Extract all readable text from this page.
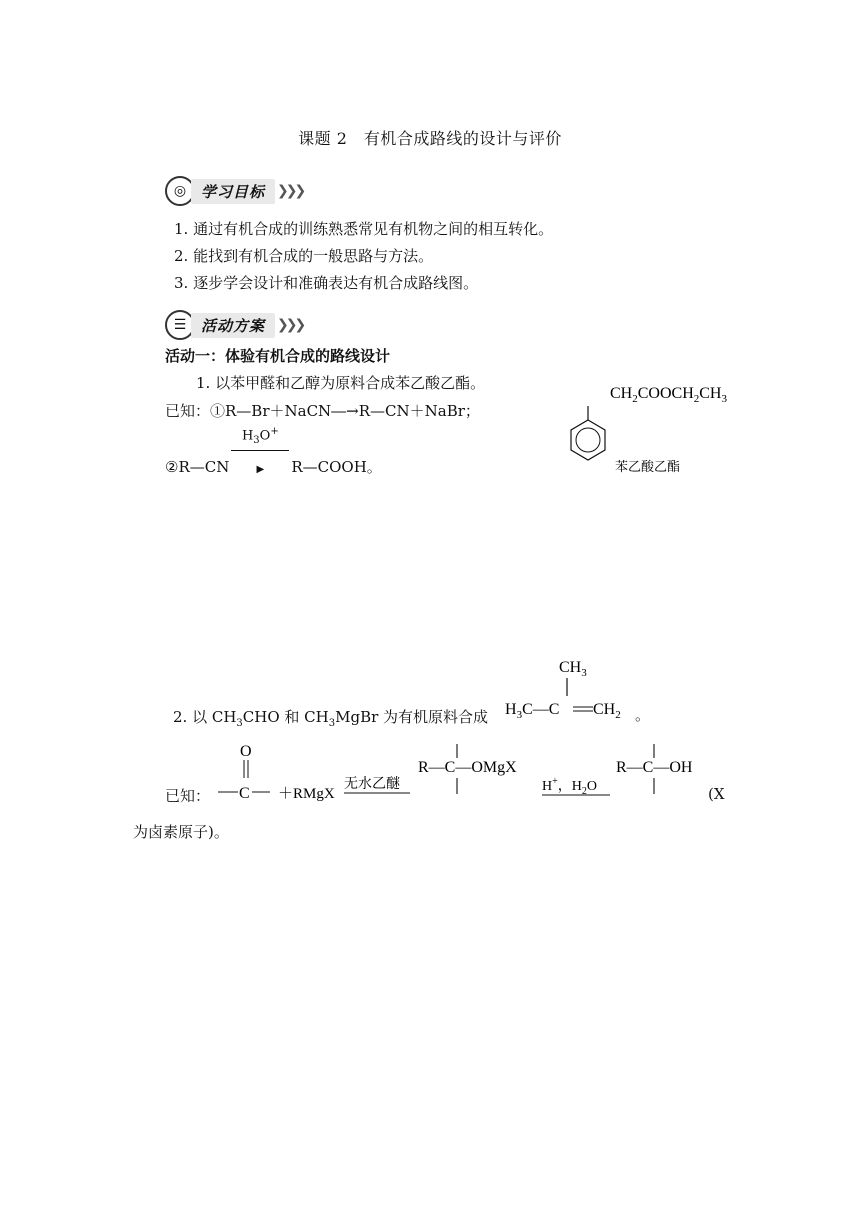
课题 2　有机合成路线的设计与评价
◎ 学习目标 ❯❯❯
1. 通过有机合成的训练熟悉常见有机物之间的相互转化。
2. 能找到有机合成的一般思路与方法。
3. 逐步学会设计和准确表达有机合成路线图。
☰ 活动方案 ❯❯❯
活动一：体验有机合成的路线设计
1. 以苯甲醛和乙醇为原料合成苯乙酸乙酯。
已知：①R—Br＋NaCN―→R—CN＋NaBr；
②R—CN
$H_3O^+$
▶ R—COOH。
$CH_2COOCH_2CH_3$
苯乙酸乙酯
2. 以 $CH_3CHO$ 和 $CH_3MgBr$ 为有机原料合成
$CH_3$
$H_3C—C$ $CH_2$ 。
已知：
O
C ＋RMgX
无水乙醚
R—C—OMgX
H+，$H_2O$
R—C—OH
(X
为卤素原子)。
